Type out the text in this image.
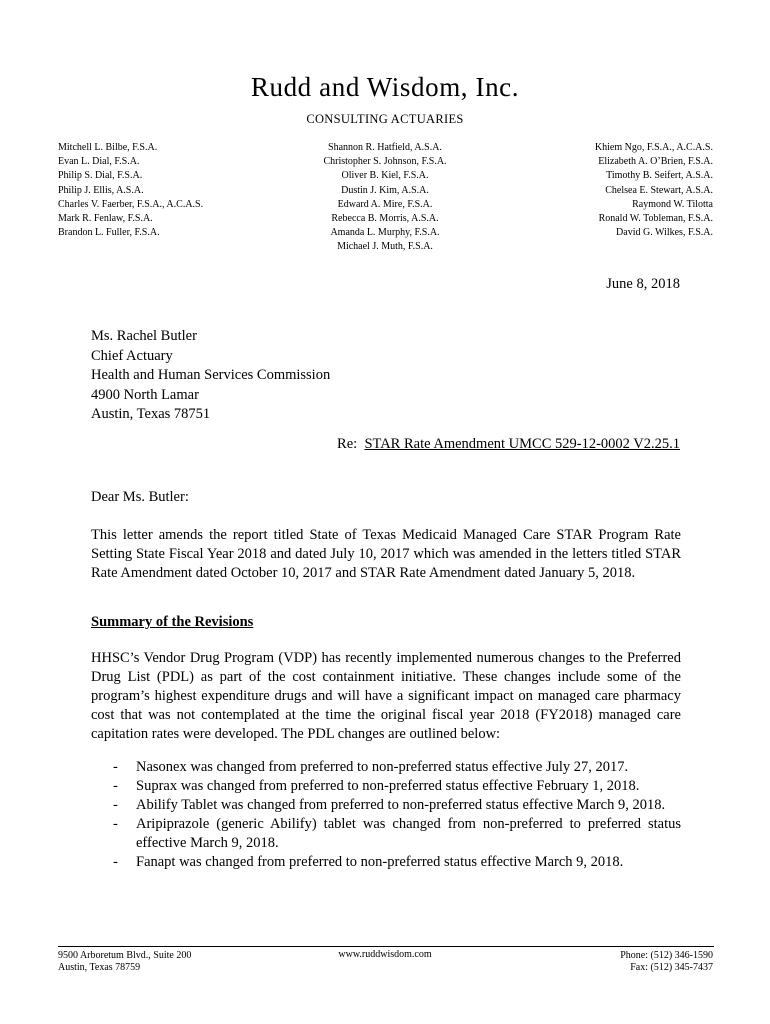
Rudd and Wisdom, Inc.
CONSULTING ACTUARIES
Mitchell L. Bilbe, F.S.A.
Evan L. Dial, F.S.A.
Philip S. Dial, F.S.A.
Philip J. Ellis, A.S.A.
Charles V. Faerber, F.S.A., A.C.A.S.
Mark R. Fenlaw, F.S.A.
Brandon L. Fuller, F.S.A.
Shannon R. Hatfield, A.S.A.
Christopher S. Johnson, F.S.A.
Oliver B. Kiel, F.S.A.
Dustin J. Kim, A.S.A.
Edward A. Mire, F.S.A.
Rebecca B. Morris, A.S.A.
Amanda L. Murphy, F.S.A.
Michael J. Muth, F.S.A.
Khiem Ngo, F.S.A., A.C.A.S.
Elizabeth A. O’Brien, F.S.A.
Timothy B. Seifert, A.S.A.
Chelsea E. Stewart, A.S.A.
Raymond W. Tilotta
Ronald W. Tobleman, F.S.A.
David G. Wilkes, F.S.A.
June 8, 2018
Ms. Rachel Butler
Chief Actuary
Health and Human Services Commission
4900 North Lamar
Austin, Texas 78751
Re: STAR Rate Amendment UMCC 529-12-0002 V2.25.1
Dear Ms. Butler:
This letter amends the report titled State of Texas Medicaid Managed Care STAR Program Rate Setting State Fiscal Year 2018 and dated July 10, 2017 which was amended in the letters titled STAR Rate Amendment dated October 10, 2017 and STAR Rate Amendment dated January 5, 2018.
Summary of the Revisions
HHSC’s Vendor Drug Program (VDP) has recently implemented numerous changes to the Preferred Drug List (PDL) as part of the cost containment initiative. These changes include some of the program’s highest expenditure drugs and will have a significant impact on managed care pharmacy cost that was not contemplated at the time the original fiscal year 2018 (FY2018) managed care capitation rates were developed. The PDL changes are outlined below:
-	Nasonex was changed from preferred to non-preferred status effective July 27, 2017.
-	Suprax was changed from preferred to non-preferred status effective February 1, 2018.
-	Abilify Tablet was changed from preferred to non-preferred status effective March 9, 2018.
-	Aripiprazole (generic Abilify) tablet was changed from non-preferred to preferred status effective March 9, 2018.
-	Fanapt was changed from preferred to non-preferred status effective March 9, 2018.
9500 Arboretum Blvd., Suite 200
Austin, Texas 78759
www.ruddwisdom.com	Phone: (512) 346-1590
Fax: (512) 345-7437
